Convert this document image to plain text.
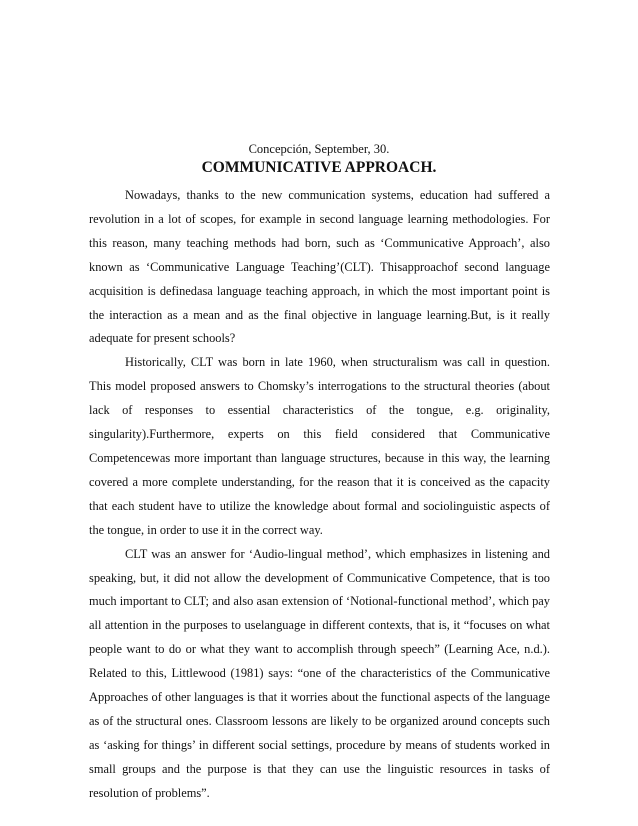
Concepción, September, 30.
COMMUNICATIVE APPROACH.

Nowadays, thanks to the new communication systems, education had suffered a revolution in a lot of scopes, for example in second language learning methodologies. For this reason, many teaching methods had born, such as ‘Communicative Approach’, also known as ‘Communicative Language Teaching’(CLT). Thisapproachof second language acquisition is definedasa language teaching approach, in which the most important point is the interaction as a mean and as the final objective in language learning.But, is it really adequate for present schools?

Historically, CLT was born in late 1960, when structuralism was call in question. This model proposed answers to Chomsky’s interrogations to the structural theories (about lack of responses to essential characteristics of the tongue, e.g. originality, singularity).Furthermore, experts on this field considered that Communicative Competencewas more important than language structures, because in this way, the learning covered a more complete understanding, for the reason that it is conceived as the capacity that each student have to utilize the knowledge about formal and sociolinguistic aspects of the tongue, in order to use it in the correct way.

CLT was an answer for ‘Audio-lingual method’, which emphasizes in listening and speaking, but, it did not allow the development of Communicative Competence, that is too much important to CLT; and also asan extension of ‘Notional-functional method’, which pay all attention in the purposes to uselanguage in different contexts, that is, it “focuses on what people want to do or what they want to accomplish through speech” (Learning Ace, n.d.). Related to this, Littlewood (1981) says: “one of the characteristics of the Communicative Approaches of other languages is that it worries about the functional aspects of the language as of the structural ones. Classroom lessons are likely to be organized around concepts such as ‘asking for things’ in different social settings, procedure by means of students worked in small groups and the purpose is that they can use the linguistic resources in tasks of resolution of problems”.
